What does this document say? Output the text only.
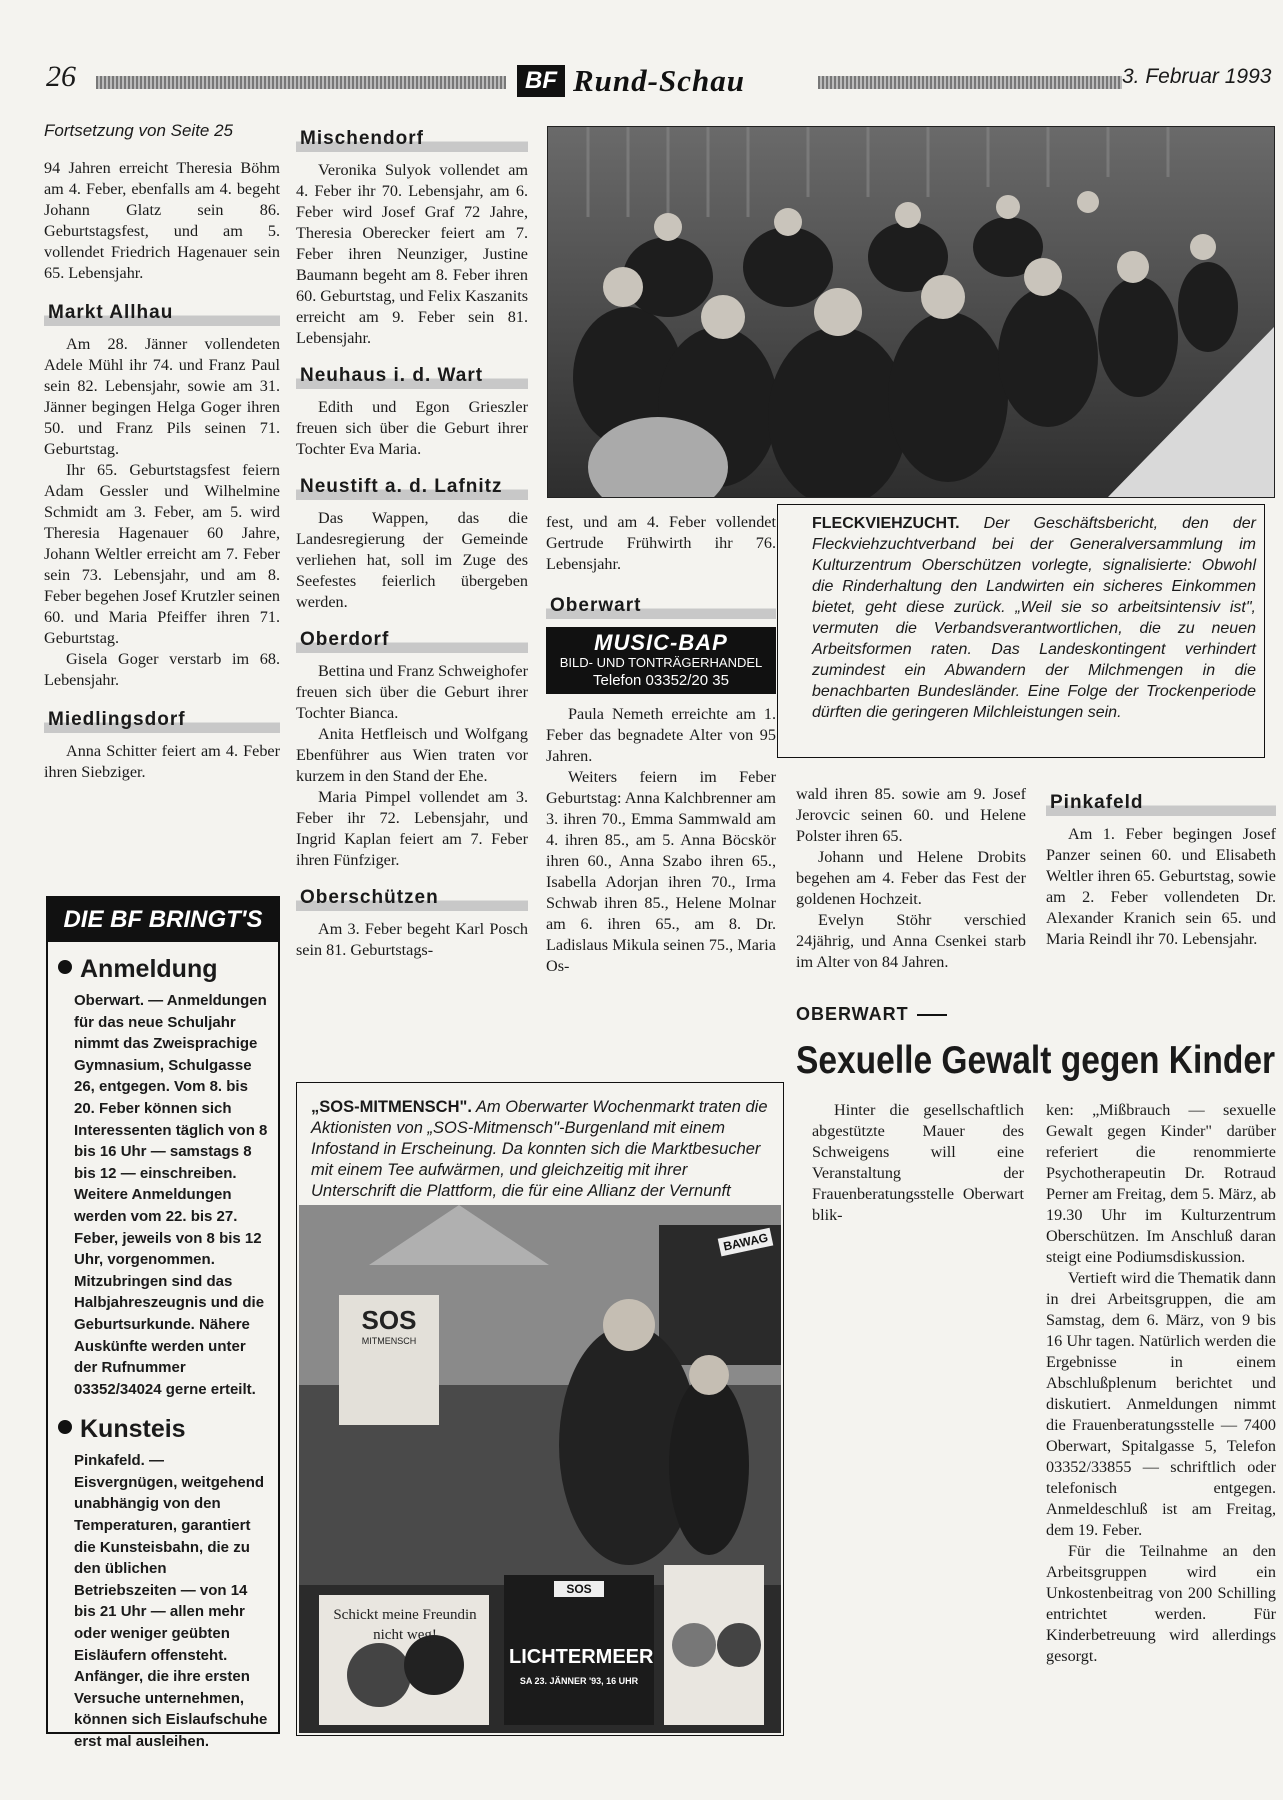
26	BF Rund-Schau	3. Februar 1993
Fortsetzung von Seite 25

94 Jahren erreicht Theresia Böhm am 4. Feber, ebenfalls am 4. begeht Johann Glatz sein 86. Geburtstagsfest, und am 5. vollendet Friedrich Hagenauer sein 65. Lebensjahr.

Markt Allhau

Am 28. Jänner vollendeten Adele Mühl ihr 74. und Franz Paul sein 82. Lebensjahr, sowie am 31. Jänner begingen Helga Goger ihren 50. und Franz Pils seinen 71. Geburtstag.

Ihr 65. Geburtstagsfest feiern Adam Gessler und Wilhelmine Schmidt am 3. Feber, am 5. wird Theresia Hagenauer 60 Jahre, Johann Weltler erreicht am 7. Feber sein 73. Lebensjahr, und am 8. Feber begehen Josef Krutzler seinen 60. und Maria Pfeiffer ihren 71. Geburtstag.

Gisela Goger verstarb im 68. Lebensjahr.

Miedlingsdorf

Anna Schitter feiert am 4. Feber ihren Siebziger.

DIE BF BRINGT'S
Anmeldung
Oberwart. — Anmeldungen für das neue Schuljahr nimmt das Zweisprachige Gymnasium, Schulgasse 26, entgegen. Vom 8. bis 20. Feber können sich Interessenten täglich von 8 bis 16 Uhr — samstags 8 bis 12 — einschreiben. Weitere Anmeldungen werden vom 22. bis 27. Feber, jeweils von 8 bis 12 Uhr, vorgenommen. Mitzubringen sind das Halbjahreszeugnis und die Geburtsurkunde. Nähere Auskünfte werden unter der Rufnummer 03352/34024 gerne erteilt.
Kunsteis
Pinkafeld. — Eisvergnügen, weitgehend unabhängig von den Temperaturen, garantiert die Kunsteisbahn, die zu den üblichen Betriebszeiten — von 14 bis 21 Uhr — allen mehr oder weniger geübten Eisläufern offensteht. Anfänger, die ihre ersten Versuche unternehmen, können sich Eislaufschuhe erst mal ausleihen.
Mischendorf

Veronika Sulyok vollendet am 4. Feber ihr 70. Lebensjahr, am 6. Feber wird Josef Graf 72 Jahre, Theresia Oberecker feiert am 7. Feber ihren Neunziger, Justine Baumann begeht am 8. Feber ihren 60. Geburtstag, und Felix Kaszanits erreicht am 9. Feber sein 81. Lebensjahr.

Neuhaus i. d. Wart

Edith und Egon Grieszler freuen sich über die Geburt ihrer Tochter Eva Maria.

Neustift a. d. Lafnitz

Das Wappen, das die Landesregierung der Gemeinde verliehen hat, soll im Zuge des Seefestes feierlich übergeben werden.

Oberdorf

Bettina und Franz Schweighofer freuen sich über die Geburt ihrer Tochter Bianca.

Anita Hetfleisch und Wolfgang Ebenführer aus Wien traten vor kurzem in den Stand der Ehe.

Maria Pimpel vollendet am 3. Feber ihr 72. Lebensjahr, und Ingrid Kaplan feiert am 7. Feber ihren Fünfziger.

Oberschützen

Am 3. Feber begeht Karl Posch sein 81. Geburtstags-

FLECKVIEHZUCHT. Der Geschäftsbericht, den der Fleckviehzuchtverband bei der Generalversammlung im Kulturzentrum Oberschützen vorlegte, signalisierte: Obwohl die Rinderhaltung den Landwirten ein sicheres Einkommen bietet, geht diese zurück. „Weil sie so arbeitsintensiv ist", vermuten die Verbandsverantwortlichen, die zu neuen Arbeitsformen raten. Das Landeskontingent verhindert zumindest ein Abwandern der Milchmengen in die benachbarten Bundesländer. Eine Folge der Trockenperiode dürften die geringeren Milchleistungen sein.

fest, und am 4. Feber vollendet Gertrude Frühwirth ihr 76. Lebensjahr.

Oberwart
MUSIC-BAP
BILD- UND TONTRÄGERHANDEL
Telefon 03352/20 35

Paula Nemeth erreichte am 1. Feber das begnadete Alter von 95 Jahren.

Weiters feiern im Feber Geburtstag: Anna Kalchbrenner am 3. ihren 70., Emma Sammwald am 4. ihren 85., am 5. Anna Böcskör ihren 60., Anna Szabo ihren 65., Isabella Adorjan ihren 70., Irma Schwab ihren 85., Helene Molnar am 6. ihren 65., am 8. Dr. Ladislaus Mikula seinen 75., Maria Os-

wald ihren 85. sowie am 9. Josef Jerovcic seinen 60. und Helene Polster ihren 65.

Johann und Helene Drobits begehen am 4. Feber das Fest der goldenen Hochzeit.

Evelyn Stöhr verschied 24jährig, und Anna Csenkei starb im Alter von 84 Jahren.

Pinkafeld

Am 1. Feber begingen Josef Panzer seinen 60. und Elisabeth Weltler ihren 65. Geburtstag, sowie am 2. Feber vollendeten Dr. Alexander Kranich sein 65. und Maria Reindl ihr 70. Lebensjahr.

OBERWART
Sexuelle Gewalt gegen Kinder

Hinter die gesellschaftlich abgestützte Mauer des Schweigens will eine Veranstaltung der Frauenberatungsstelle Oberwart blik-

ken: „Mißbrauch — sexuelle Gewalt gegen Kinder" darüber referiert die renommierte Psychotherapeutin Dr. Rotraud Perner am Freitag, dem 5. März, ab 19.30 Uhr im Kulturzentrum Oberschützen. Im Anschluß daran steigt eine Podiumsdiskussion.

Vertieft wird die Thematik dann in drei Arbeitsgruppen, die am Samstag, dem 6. März, von 9 bis 16 Uhr tagen. Natürlich werden die Ergebnisse in einem Abschlußplenum berichtet und diskutiert. Anmeldungen nimmt die Frauenberatungsstelle — 7400 Oberwart, Spitalgasse 5, Telefon 03352/33855 — schriftlich oder telefonisch entgegen. Anmeldeschluß ist am Freitag, dem 19. Feber.

Für die Teilnahme an den Arbeitsgruppen wird ein Unkostenbeitrag von 200 Schilling entrichtet werden. Für Kinderbetreuung wird allerdings gesorgt.

„SOS-MITMENSCH". Am Oberwarter Wochenmarkt traten die Aktionisten von „SOS-Mitmensch"-Burgenland mit einem Infostand in Erscheinung. Da konnten sich die Marktbesucher mit einem Tee aufwärmen, und gleichzeitig mit ihrer Unterschrift die Plattform, die für eine Allianz der Vernunft
SOS
MITMENSCH
Schickt meine Freundin nicht weg!
SOS
LICHTERMEER
SA 23. JÄNNER '93, 16 UHR
BAWAG
